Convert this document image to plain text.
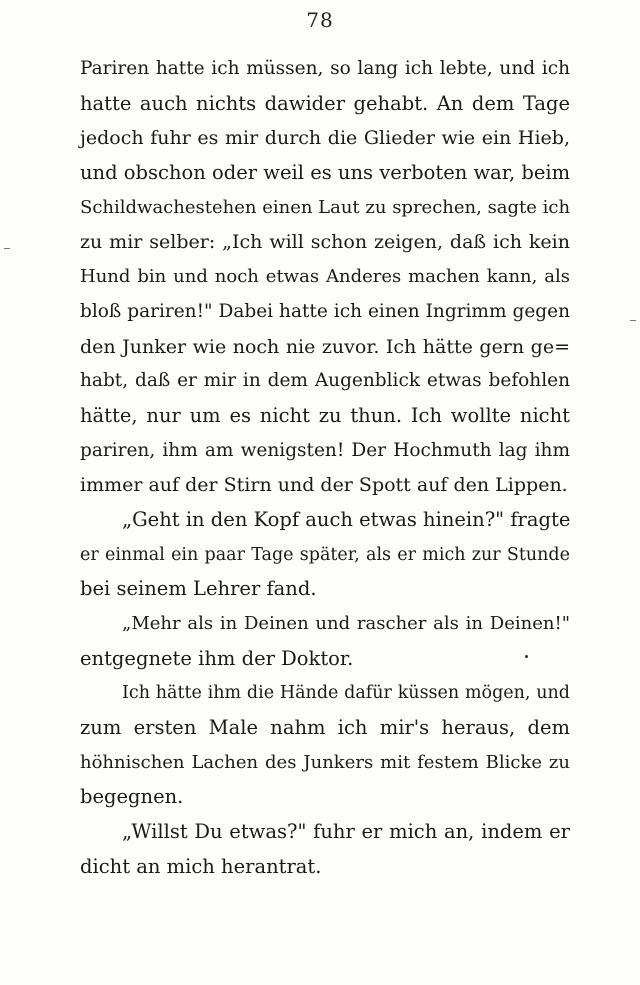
78
Pariren hatte ich müssen, so lang ich lebte, und ich
hatte auch nichts dawider gehabt. An dem Tage
jedoch fuhr es mir durch die Glieder wie ein Hieb,
und obschon oder weil es uns verboten war, beim
Schildwachestehen einen Laut zu sprechen, sagte ich
zu mir selber: „Ich will schon zeigen, daß ich kein
Hund bin und noch etwas Anderes machen kann, als
bloß pariren!" Dabei hatte ich einen Ingrimm gegen
den Junker wie noch nie zuvor. Ich hätte gern ge=
habt, daß er mir in dem Augenblick etwas befohlen
hätte, nur um es nicht zu thun. Ich wollte nicht
pariren, ihm am wenigsten! Der Hochmuth lag ihm
immer auf der Stirn und der Spott auf den Lippen.
„Geht in den Kopf auch etwas hinein?" fragte
er einmal ein paar Tage später, als er mich zur Stunde
bei seinem Lehrer fand.
„Mehr als in Deinen und rascher als in Deinen!"
entgegnete ihm der Doktor.
Ich hätte ihm die Hände dafür küssen mögen, und
zum ersten Male nahm ich mir's heraus, dem
höhnischen Lachen des Junkers mit festem Blicke zu
begegnen.
„Willst Du etwas?" fuhr er mich an, indem er
dicht an mich herantrat.
